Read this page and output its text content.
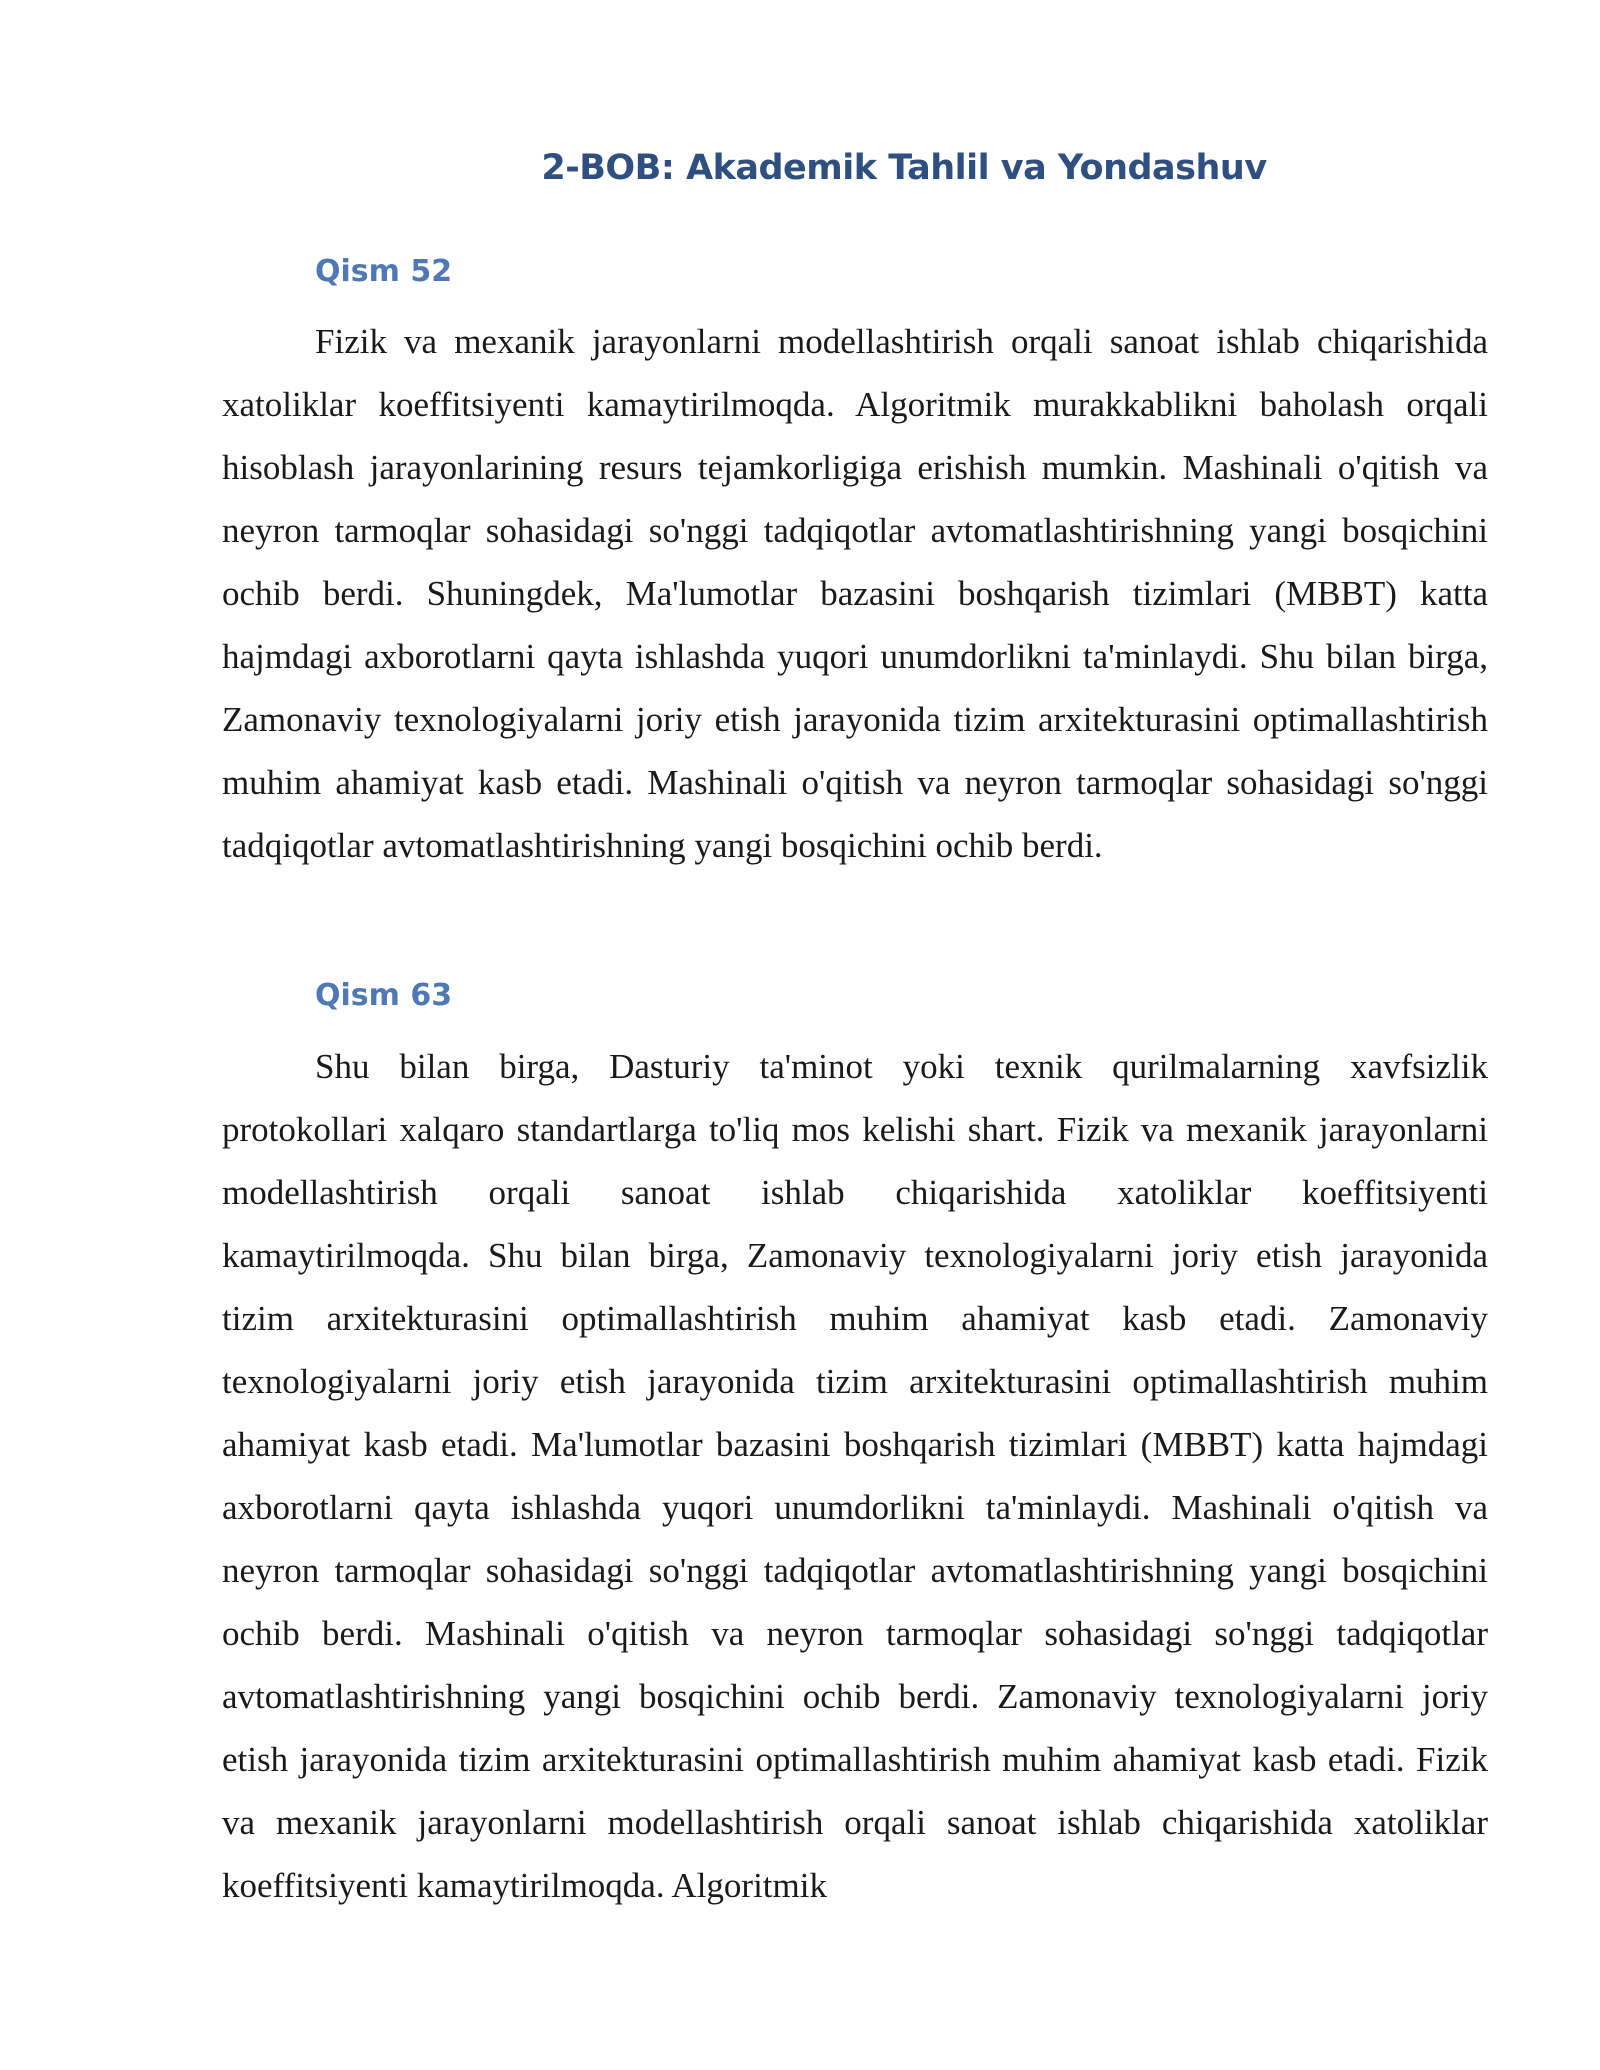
2-BOB: Akademik Tahlil va Yondashuv
Qism 52

Fizik va mexanik jarayonlarni modellashtirish orqali sanoat ishlab chiqarishida xatoliklar koeffitsiyenti kamaytirilmoqda. Algoritmik murakkablikni baholash orqali hisoblash jarayonlarining resurs tejamkorligiga erishish mumkin. Mashinali o'qitish va neyron tarmoqlar sohasidagi so'nggi tadqiqotlar avtomatlashtirishning yangi bosqichini ochib berdi. Shuningdek, Ma'lumotlar bazasini boshqarish tizimlari (MBBT) katta hajmdagi axborotlarni qayta ishlashda yuqori unumdorlikni ta'minlaydi. Shu bilan birga, Zamonaviy texnologiyalarni joriy etish jarayonida tizim arxitekturasini optimallashtirish muhim ahamiyat kasb etadi. Mashinali o'qitish va neyron tarmoqlar sohasidagi so'nggi tadqiqotlar avtomatlashtirishning yangi bosqichini ochib berdi.

Qism 63

Shu bilan birga, Dasturiy ta'minot yoki texnik qurilmalarning xavfsizlik protokollari xalqaro standartlarga to'liq mos kelishi shart. Fizik va mexanik jarayonlarni modellashtirish orqali sanoat ishlab chiqarishida xatoliklar koeffitsiyenti kamaytirilmoqda. Shu bilan birga, Zamonaviy texnologiyalarni joriy etish jarayonida tizim arxitekturasini optimallashtirish muhim ahamiyat kasb etadi. Zamonaviy texnologiyalarni joriy etish jarayonida tizim arxitekturasini optimallashtirish muhim ahamiyat kasb etadi. Ma'lumotlar bazasini boshqarish tizimlari (MBBT) katta hajmdagi axborotlarni qayta ishlashda yuqori unumdorlikni ta'minlaydi. Mashinali o'qitish va neyron tarmoqlar sohasidagi so'nggi tadqiqotlar avtomatlashtirishning yangi bosqichini ochib berdi. Mashinali o'qitish va neyron tarmoqlar sohasidagi so'nggi tadqiqotlar avtomatlashtirishning yangi bosqichini ochib berdi. Zamonaviy texnologiyalarni joriy etish jarayonida tizim arxitekturasini optimallashtirish muhim ahamiyat kasb etadi. Fizik va mexanik jarayonlarni modellashtirish orqali sanoat ishlab chiqarishida xatoliklar koeffitsiyenti kamaytirilmoqda. Algoritmik
